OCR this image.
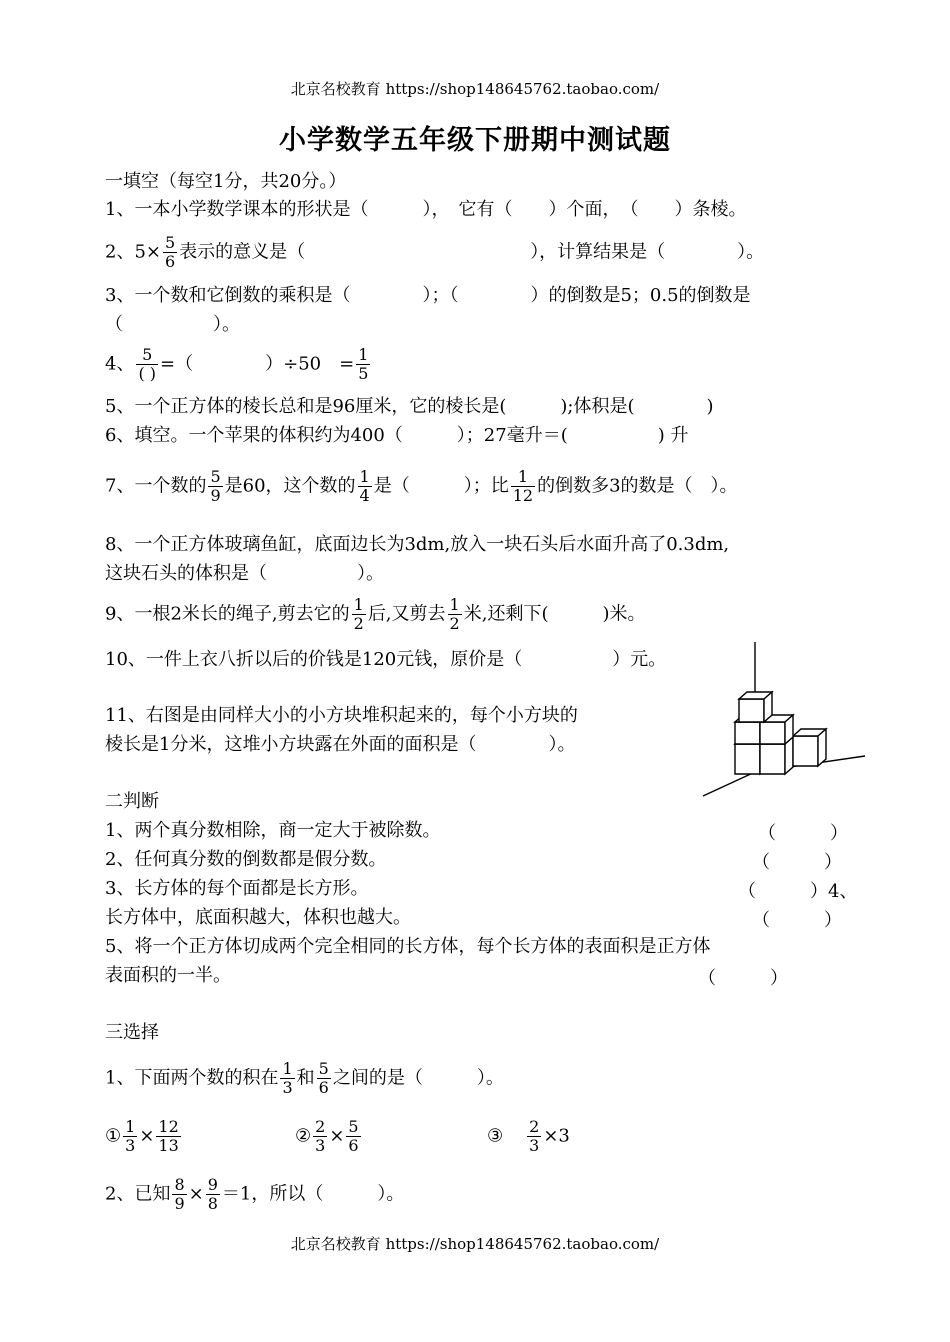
北京名校教育 https://shop148645762.taobao.com/
小学数学五年级下册期中测试题
一填空（每空1分，共20分。）
1、一本小学数学课本的形状是（　　　），　它有（　　）个面，　（　　）条棱。
2、$5\times \frac{5}{6}$ 表示的意义是（	），计算结果是（　　　　）。
3、一个数和它倒数的乘积是（　　　　）；（　　　　）的倒数是5；0.5的倒数是
（　　　　　）。
4、 5
( ) =（　　　　）÷50　= $\frac{1}{5}$
5、一个正方体的棱长总和是96厘米，它的棱长是(　　　);体积是(　　　　)
6、填空。一个苹果的体积约为400（　　　）；27毫升＝(　　　　　) 升
7、一个数的 $\frac{5}{9}$ 是60，这个数的 $\frac{1}{4}$ 是（　　　）；比 $\frac{1}{12}$ 的倒数多3的数是（　）。
8、一个正方体玻璃鱼缸，底面边长为3dm,放入一块石头后水面升高了0.3dm,
这块石头的体积是（　　　　　）。
9、一根2米长的绳子,剪去它的 $\frac{1}{2}$ 后,又剪去 $\frac{1}{2}$ 米,还剩下(　　　)米。
10、一件上衣八折以后的价钱是120元钱，原价是（　　　　　）元。
11、右图是由同样大小的小方块堆积起来的，每个小方块的
棱长是1分米，这堆小方块露在外面的面积是（　　　　）。
二判断
1、两个真分数相除，商一定大于被除数。	（　　　）
2、任何真分数的倒数都是假分数。	（　　　）
3、长方体的每个面都是长方形。	（　　　）4、
长方体中，底面积越大，体积也越大。	（　　　）
5、将一个正方体切成两个完全相同的长方体，每个长方体的表面积是正方体
表面积的一半。	（　　　）
三选择
1、下面两个数的积在 $\frac{1}{3}$ 和 $\frac{5}{6}$ 之间的是（　　　）。
① $\frac{1}{3} \times \frac{12}{13}$	② $\frac{2}{3} \times \frac{5}{6}$	③ $\frac{2}{3} \times 3$
2、已知 $\frac{8}{9} \times \frac{9}{8} =1$，所以（　　　）。
北京名校教育 https://shop148645762.taobao.com/
